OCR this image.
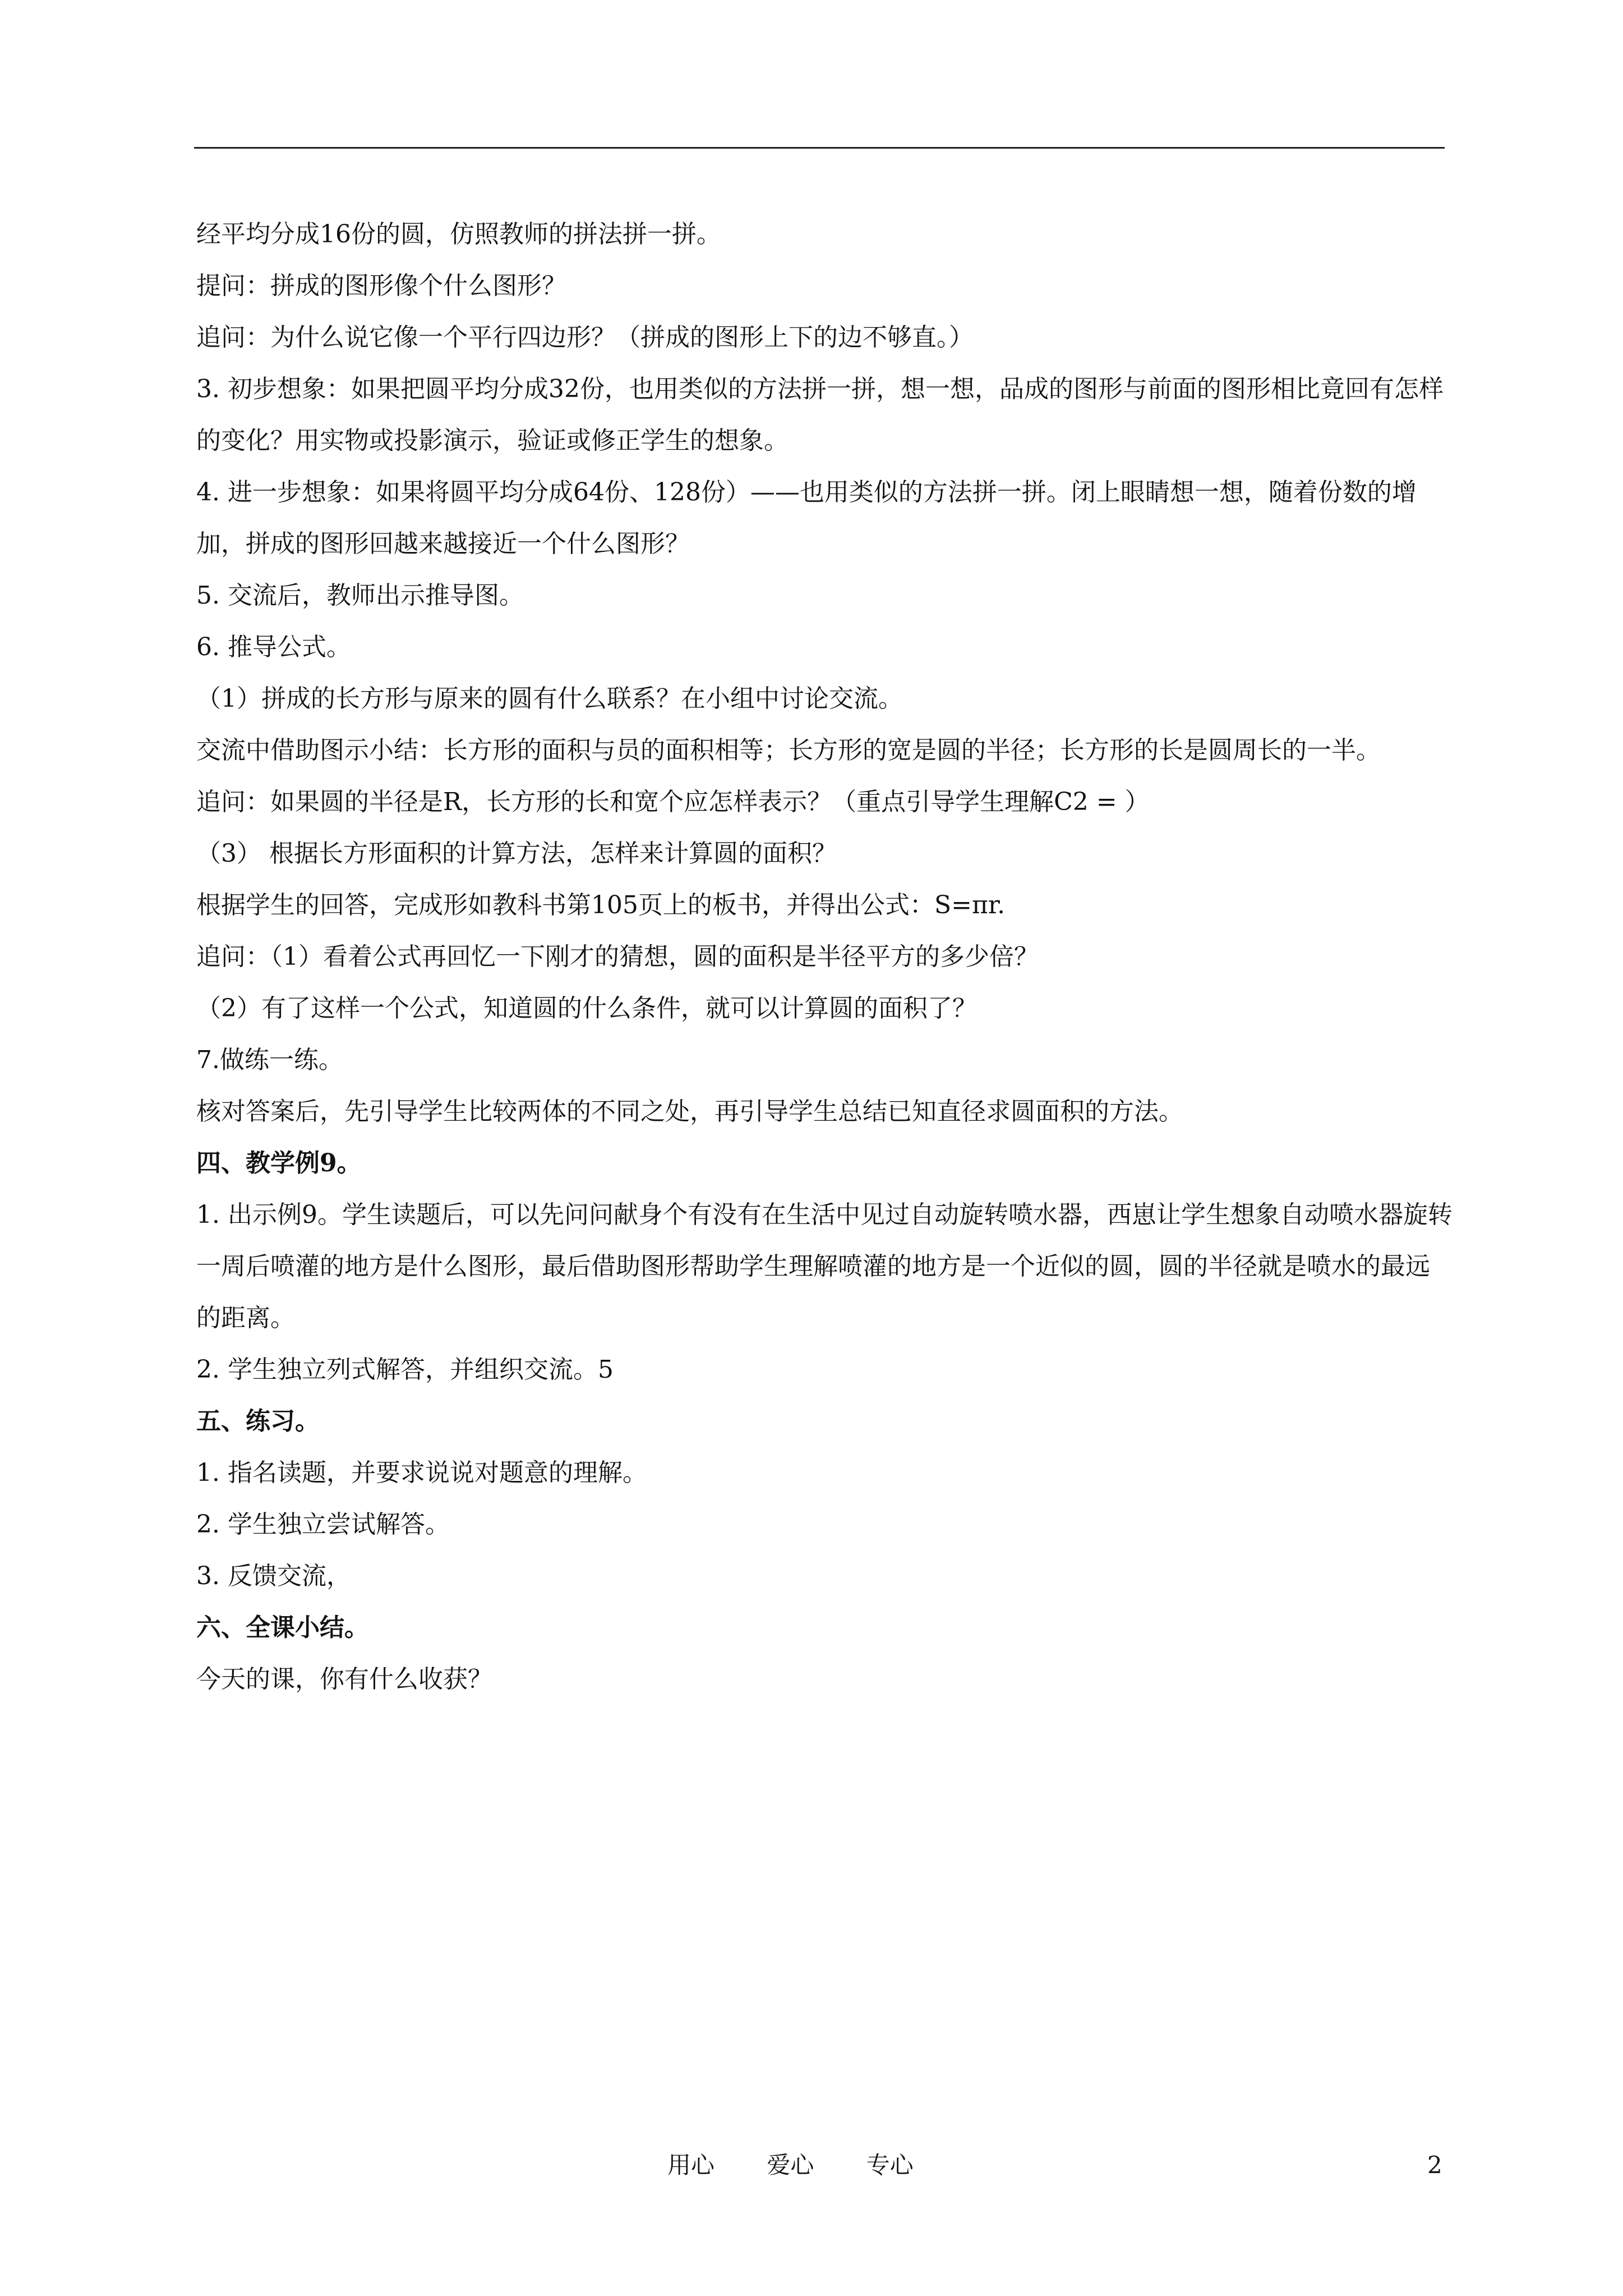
经平均分成16份的圆，仿照教师的拼法拼一拼。

提问：拼成的图形像个什么图形？

追问：为什么说它像一个平行四边形？（拼成的图形上下的边不够直。）

3. 初步想象：如果把圆平均分成32份，也用类似的方法拼一拼，想一想，品成的图形与前面的图形相比竟回有怎样的变化？用实物或投影演示，验证或修正学生的想象。

4. 进一步想象：如果将圆平均分成64份、128份）——也用类似的方法拼一拼。闭上眼睛想一想，随着份数的增加，拼成的图形回越来越接近一个什么图形？

5. 交流后，教师出示推导图。

6. 推导公式。

（1）拼成的长方形与原来的圆有什么联系？在小组中讨论交流。

交流中借助图示小结：长方形的面积与员的面积相等；长方形的宽是圆的半径；长方形的长是圆周长的一半。

追问：如果圆的半径是R，长方形的长和宽个应怎样表示？（重点引导学生理解C2 = ）

（3） 根据长方形面积的计算方法，怎样来计算圆的面积？

根据学生的回答，完成形如教科书第105页上的板书，并得出公式：S=πr.

追问：（1）看着公式再回忆一下刚才的猜想，圆的面积是半径平方的多少倍？

（2）有了这样一个公式，知道圆的什么条件，就可以计算圆的面积了？

7.做练一练。

核对答案后，先引导学生比较两体的不同之处，再引导学生总结已知直径求圆面积的方法。

四、教学例9。

1. 出示例9。学生读题后，可以先问问献身个有没有在生活中见过自动旋转喷水器，西崽让学生想象自动喷水器旋转一周后喷灌的地方是什么图形，最后借助图形帮助学生理解喷灌的地方是一个近似的圆，圆的半径就是喷水的最远的距离。

2. 学生独立列式解答，并组织交流。5

五、练习。

1. 指名读题，并要求说说对题意的理解。

2. 学生独立尝试解答。

3. 反馈交流，

六、全课小结。

今天的课，你有什么收获？

用心 爱心 专心	2
